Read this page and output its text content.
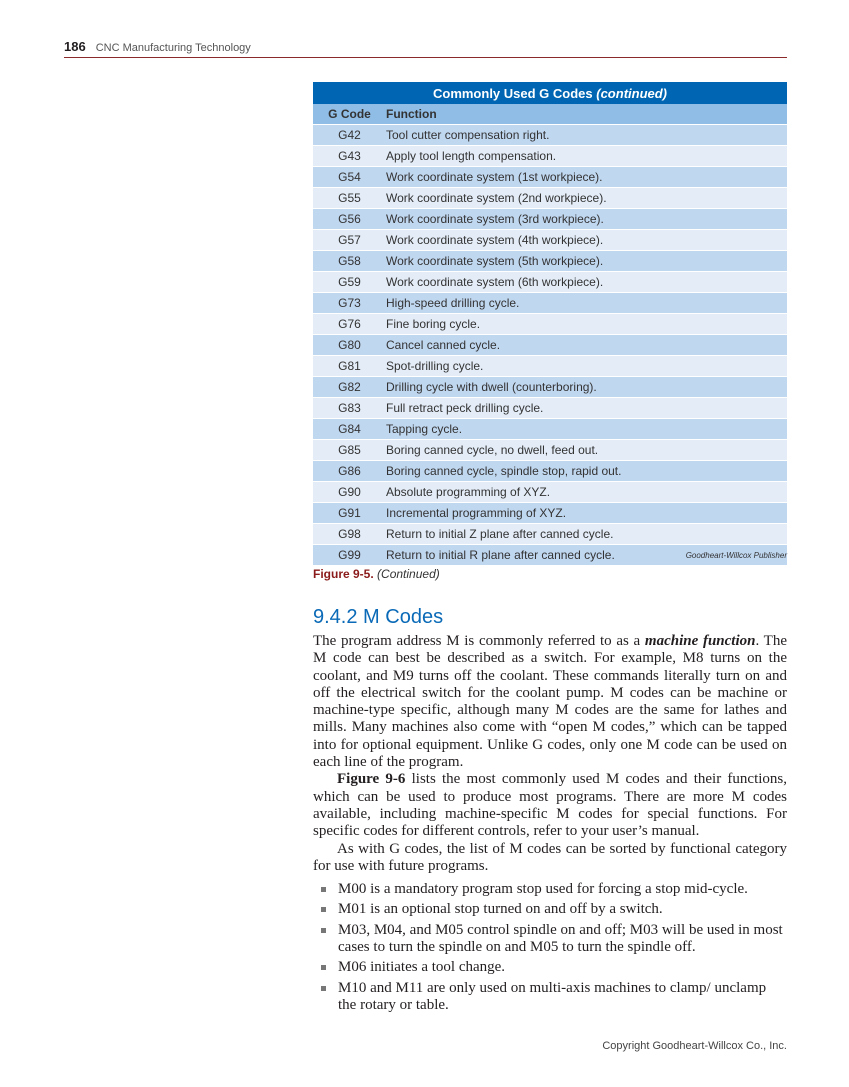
186 CNC Manufacturing Technology
Commonly Used G Codes (continued)	
G Code	Function
G42	Tool cutter compensation right.
G43	Apply tool length compensation.
G54	Work coordinate system (1st workpiece).
G55	Work coordinate system (2nd workpiece).
G56	Work coordinate system (3rd workpiece).
G57	Work coordinate system (4th workpiece).
G58	Work coordinate system (5th workpiece).
G59	Work coordinate system (6th workpiece).
G73	High-speed drilling cycle.
G76	Fine boring cycle.
G80	Cancel canned cycle.
G81	Spot-drilling cycle.
G82	Drilling cycle with dwell (counterboring).
G83	Full retract peck drilling cycle.
G84	Tapping cycle.
G85	Boring canned cycle, no dwell, feed out.
G86	Boring canned cycle, spindle stop, rapid out.
G90	Absolute programming of XYZ.
G91	Incremental programming of XYZ.
G98	Return to initial Z plane after canned cycle.
G99	Return to initial R plane after canned cycle.	Goodheart-Willcox Publisher
Figure 9-5. (Continued)
9.4.2 M Codes

The program address M is commonly referred to as a machine function. The M code can best be described as a switch. For example, M8 turns on the coolant, and M9 turns off the coolant. These commands literally turn on and off the electrical switch for the coolant pump. M codes can be machine or machine-type specific, although many M codes are the same for lathes and mills. Many machines also come with “open M codes,” which can be tapped into for optional equipment. Unlike G codes, only one M code can be used on each line of the program.

Figure 9-6 lists the most commonly used M codes and their functions, which can be used to produce most programs. There are more M codes available, including machine-specific M codes for special functions. For specific codes for different controls, refer to your user’s manual.

As with G codes, the list of M codes can be sorted by functional category for use with future programs.

M00 is a mandatory program stop used for forcing a stop mid-cycle.
M01 is an optional stop turned on and off by a switch.
M03, M04, and M05 control spindle on and off; M03 will be used in most cases to turn the spindle on and M05 to turn the spindle off.
M06 initiates a tool change.
M10 and M11 are only used on multi-axis machines to clamp/ unclamp the rotary or table.
Copyright Goodheart-Willcox Co., Inc.
